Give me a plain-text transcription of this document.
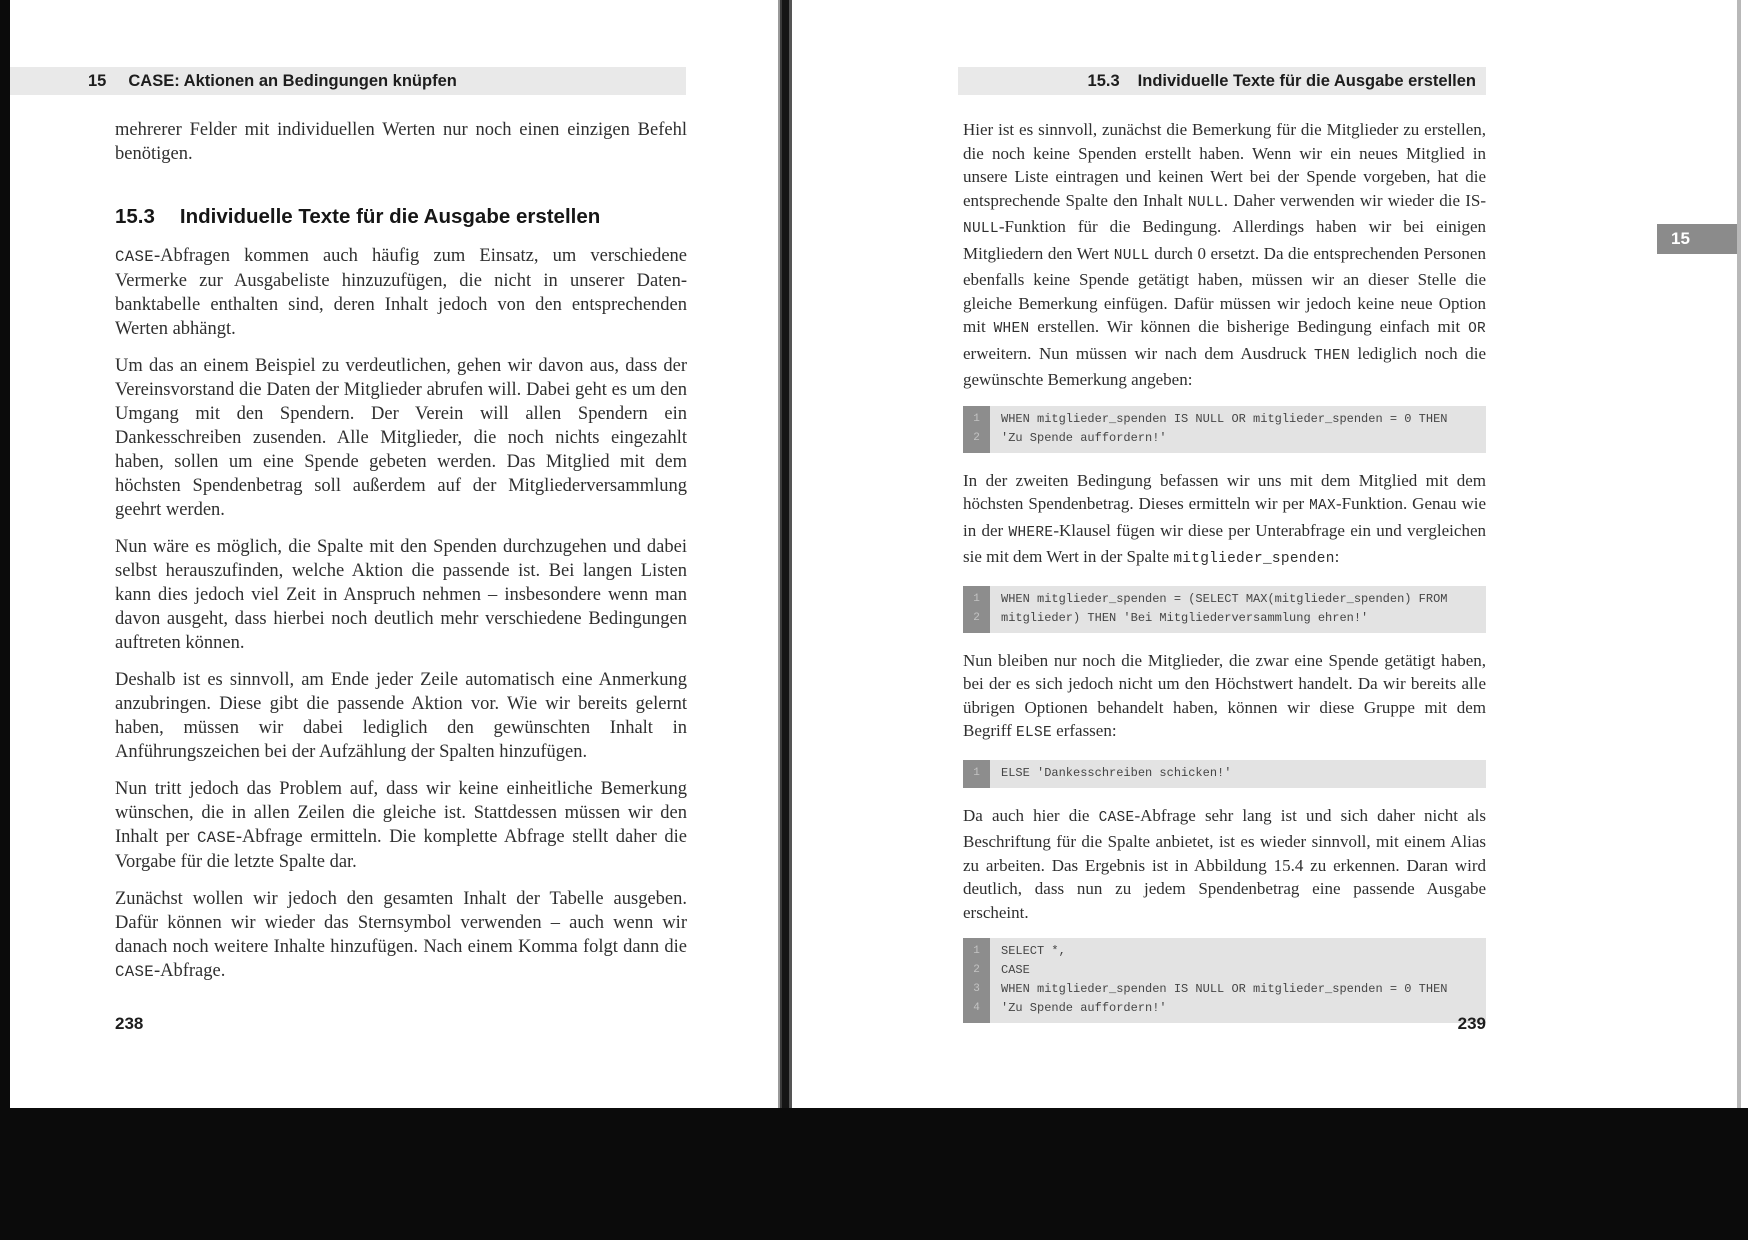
15 CASE: Aktionen an Bedingungen knüpfen

mehrerer Felder mit individuellen Werten nur noch einen einzigen Befehl benötigen.

15.3 Individuelle Texte für die Ausgabe erstellen

CASE-Abfragen kommen auch häufig zum Einsatz, um verschiedene Vermerke zur Ausgabeliste hinzuzufügen, die nicht in unserer Datenbanktabelle enthalten sind, deren Inhalt jedoch von den entsprechenden Werten abhängt.

Um das an einem Beispiel zu verdeutlichen, gehen wir davon aus, dass der Vereinsvorstand die Daten der Mitglieder abrufen will. Dabei geht es um den Umgang mit den Spendern. Der Verein will allen Spendern ein Dankesschreiben zusenden. Alle Mitglieder, die noch nichts eingezahlt haben, sollen um eine Spende gebeten werden. Das Mitglied mit dem höchsten Spendenbetrag soll außerdem auf der Mitgliederversammlung geehrt werden.

Nun wäre es möglich, die Spalte mit den Spenden durchzugehen und dabei selbst herauszufinden, welche Aktion die passende ist. Bei langen Listen kann dies jedoch viel Zeit in Anspruch nehmen – insbesondere wenn man davon ausgeht, dass hierbei noch deutlich mehr verschiedene Bedingungen auftreten können.

Deshalb ist es sinnvoll, am Ende jeder Zeile automatisch eine Anmerkung anzubringen. Diese gibt die passende Aktion vor. Wie wir bereits gelernt haben, müssen wir dabei lediglich den gewünschten Inhalt in Anführungszeichen bei der Aufzählung der Spalten hinzufügen.

Nun tritt jedoch das Problem auf, dass wir keine einheitliche Bemerkung wünschen, die in allen Zeilen die gleiche ist. Stattdessen müssen wir den Inhalt per CASE-Abfrage ermitteln. Die komplette Abfrage stellt daher die Vorgabe für die letzte Spalte dar.

Zunächst wollen wir jedoch den gesamten Inhalt der Tabelle ausgeben. Dafür können wir wieder das Sternsymbol verwenden – auch wenn wir danach noch weitere Inhalte hinzufügen. Nach einem Komma folgt dann die CASE-Abfrage.

238
15.3 Individuelle Texte für die Ausgabe erstellen
15

Hier ist es sinnvoll, zunächst die Bemerkung für die Mitglieder zu erstellen, die noch keine Spenden erstellt haben. Wenn wir ein neues Mitglied in unsere Liste eintragen und keinen Wert bei der Spende vorgeben, hat die entsprechende Spalte den Inhalt NULL. Daher verwenden wir wieder die IS-NULL-Funktion für die Bedingung. Allerdings haben wir bei einigen Mitgliedern den Wert NULL durch 0 ersetzt. Da die entsprechenden Personen ebenfalls keine Spende getätigt haben, müssen wir an dieser Stelle die gleiche Bemerkung einfügen. Dafür müssen wir jedoch keine neue Option mit WHEN erstellen. Wir können die bisherige Bedingung einfach mit OR erweitern. Nun müssen wir nach dem Ausdruck THEN lediglich noch die gewünschte Bemerkung angeben:

1	WHEN mitglieder_spenden IS NULL OR mitglieder_spenden = 0 THEN
2	'Zu Spende auffordern!'

In der zweiten Bedingung befassen wir uns mit dem Mitglied mit dem höchsten Spendenbetrag. Dieses ermitteln wir per MAX-Funktion. Genau wie in der WHERE-Klausel fügen wir diese per Unterabfrage ein und vergleichen sie mit dem Wert in der Spalte mitglieder_spenden:

1	WHEN mitglieder_spenden = (SELECT MAX(mitglieder_spenden) FROM
2	mitglieder) THEN 'Bei Mitgliederversammlung ehren!'

Nun bleiben nur noch die Mitglieder, die zwar eine Spende getätigt haben, bei der es sich jedoch nicht um den Höchstwert handelt. Da wir bereits alle übrigen Optionen behandelt haben, können wir diese Gruppe mit dem Begriff ELSE erfassen:

1	ELSE 'Dankesschreiben schicken!'

Da auch hier die CASE-Abfrage sehr lang ist und sich daher nicht als Beschriftung für die Spalte anbietet, ist es wieder sinnvoll, mit einem Alias zu arbeiten. Das Ergebnis ist in Abbildung 15.4 zu erkennen. Daran wird deutlich, dass nun zu jedem Spendenbetrag eine passende Ausgabe erscheint.

1	SELECT *,
2	CASE
3	WHEN mitglieder_spenden IS NULL OR mitglieder_spenden = 0 THEN
4	'Zu Spende auffordern!'
239
